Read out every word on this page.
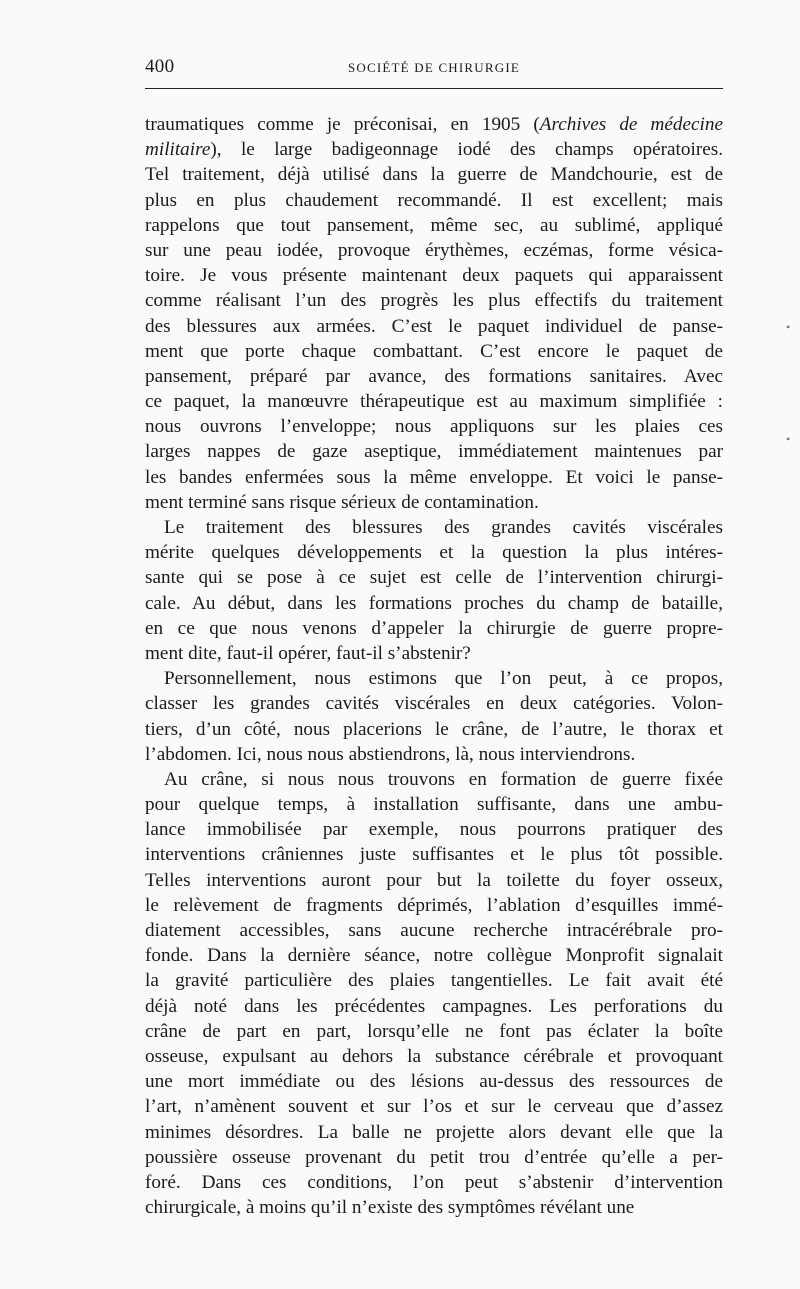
400	SOCIÉTÉ DE CHIRURGIE
traumatiques comme je préconisai, en 1905 (Archives de médecine
militaire), le large badigeonnage iodé des champs opératoires.
Tel traitement, déjà utilisé dans la guerre de Mandchourie, est de
plus en plus chaudement recommandé. Il est excellent; mais
rappelons que tout pansement, même sec, au sublimé, appliqué
sur une peau iodée, provoque érythèmes, eczémas, forme vésica-
toire. Je vous présente maintenant deux paquets qui apparaissent
comme réalisant l’un des progrès les plus effectifs du traitement
des blessures aux armées. C’est le paquet individuel de panse-
ment que porte chaque combattant. C’est encore le paquet de
pansement, préparé par avance, des formations sanitaires. Avec
ce paquet, la manœuvre thérapeutique est au maximum simplifiée :
nous ouvrons l’enveloppe; nous appliquons sur les plaies ces
larges nappes de gaze aseptique, immédiatement maintenues par
les bandes enfermées sous la même enveloppe. Et voici le panse-
ment terminé sans risque sérieux de contamination.
Le traitement des blessures des grandes cavités viscérales
mérite quelques développements et la question la plus intéres-
sante qui se pose à ce sujet est celle de l’intervention chirurgi-
cale. Au début, dans les formations proches du champ de bataille,
en ce que nous venons d’appeler la chirurgie de guerre propre-
ment dite, faut-il opérer, faut-il s’abstenir?
Personnellement, nous estimons que l’on peut, à ce propos,
classer les grandes cavités viscérales en deux catégories. Volon-
tiers, d’un côté, nous placerions le crâne, de l’autre, le thorax et
l’abdomen. Ici, nous nous abstiendrons, là, nous interviendrons.
Au crâne, si nous nous trouvons en formation de guerre fixée
pour quelque temps, à installation suffisante, dans une ambu-
lance immobilisée par exemple, nous pourrons pratiquer des
interventions crâniennes juste suffisantes et le plus tôt possible.
Telles interventions auront pour but la toilette du foyer osseux,
le relèvement de fragments déprimés, l’ablation d’esquilles immé-
diatement accessibles, sans aucune recherche intracérébrale pro-
fonde. Dans la dernière séance, notre collègue Monprofit signalait
la gravité particulière des plaies tangentielles. Le fait avait été
déjà noté dans les précédentes campagnes. Les perforations du
crâne de part en part, lorsqu’elle ne font pas éclater la boîte
osseuse, expulsant au dehors la substance cérébrale et provoquant
une mort immédiate ou des lésions au-dessus des ressources de
l’art, n’amènent souvent et sur l’os et sur le cerveau que d’assez
minimes désordres. La balle ne projette alors devant elle que la
poussière osseuse provenant du petit trou d’entrée qu’elle a per-
foré. Dans ces conditions, l’on peut s’abstenir d’intervention
chirurgicale, à moins qu’il n’existe des symptômes révélant une
•
•
